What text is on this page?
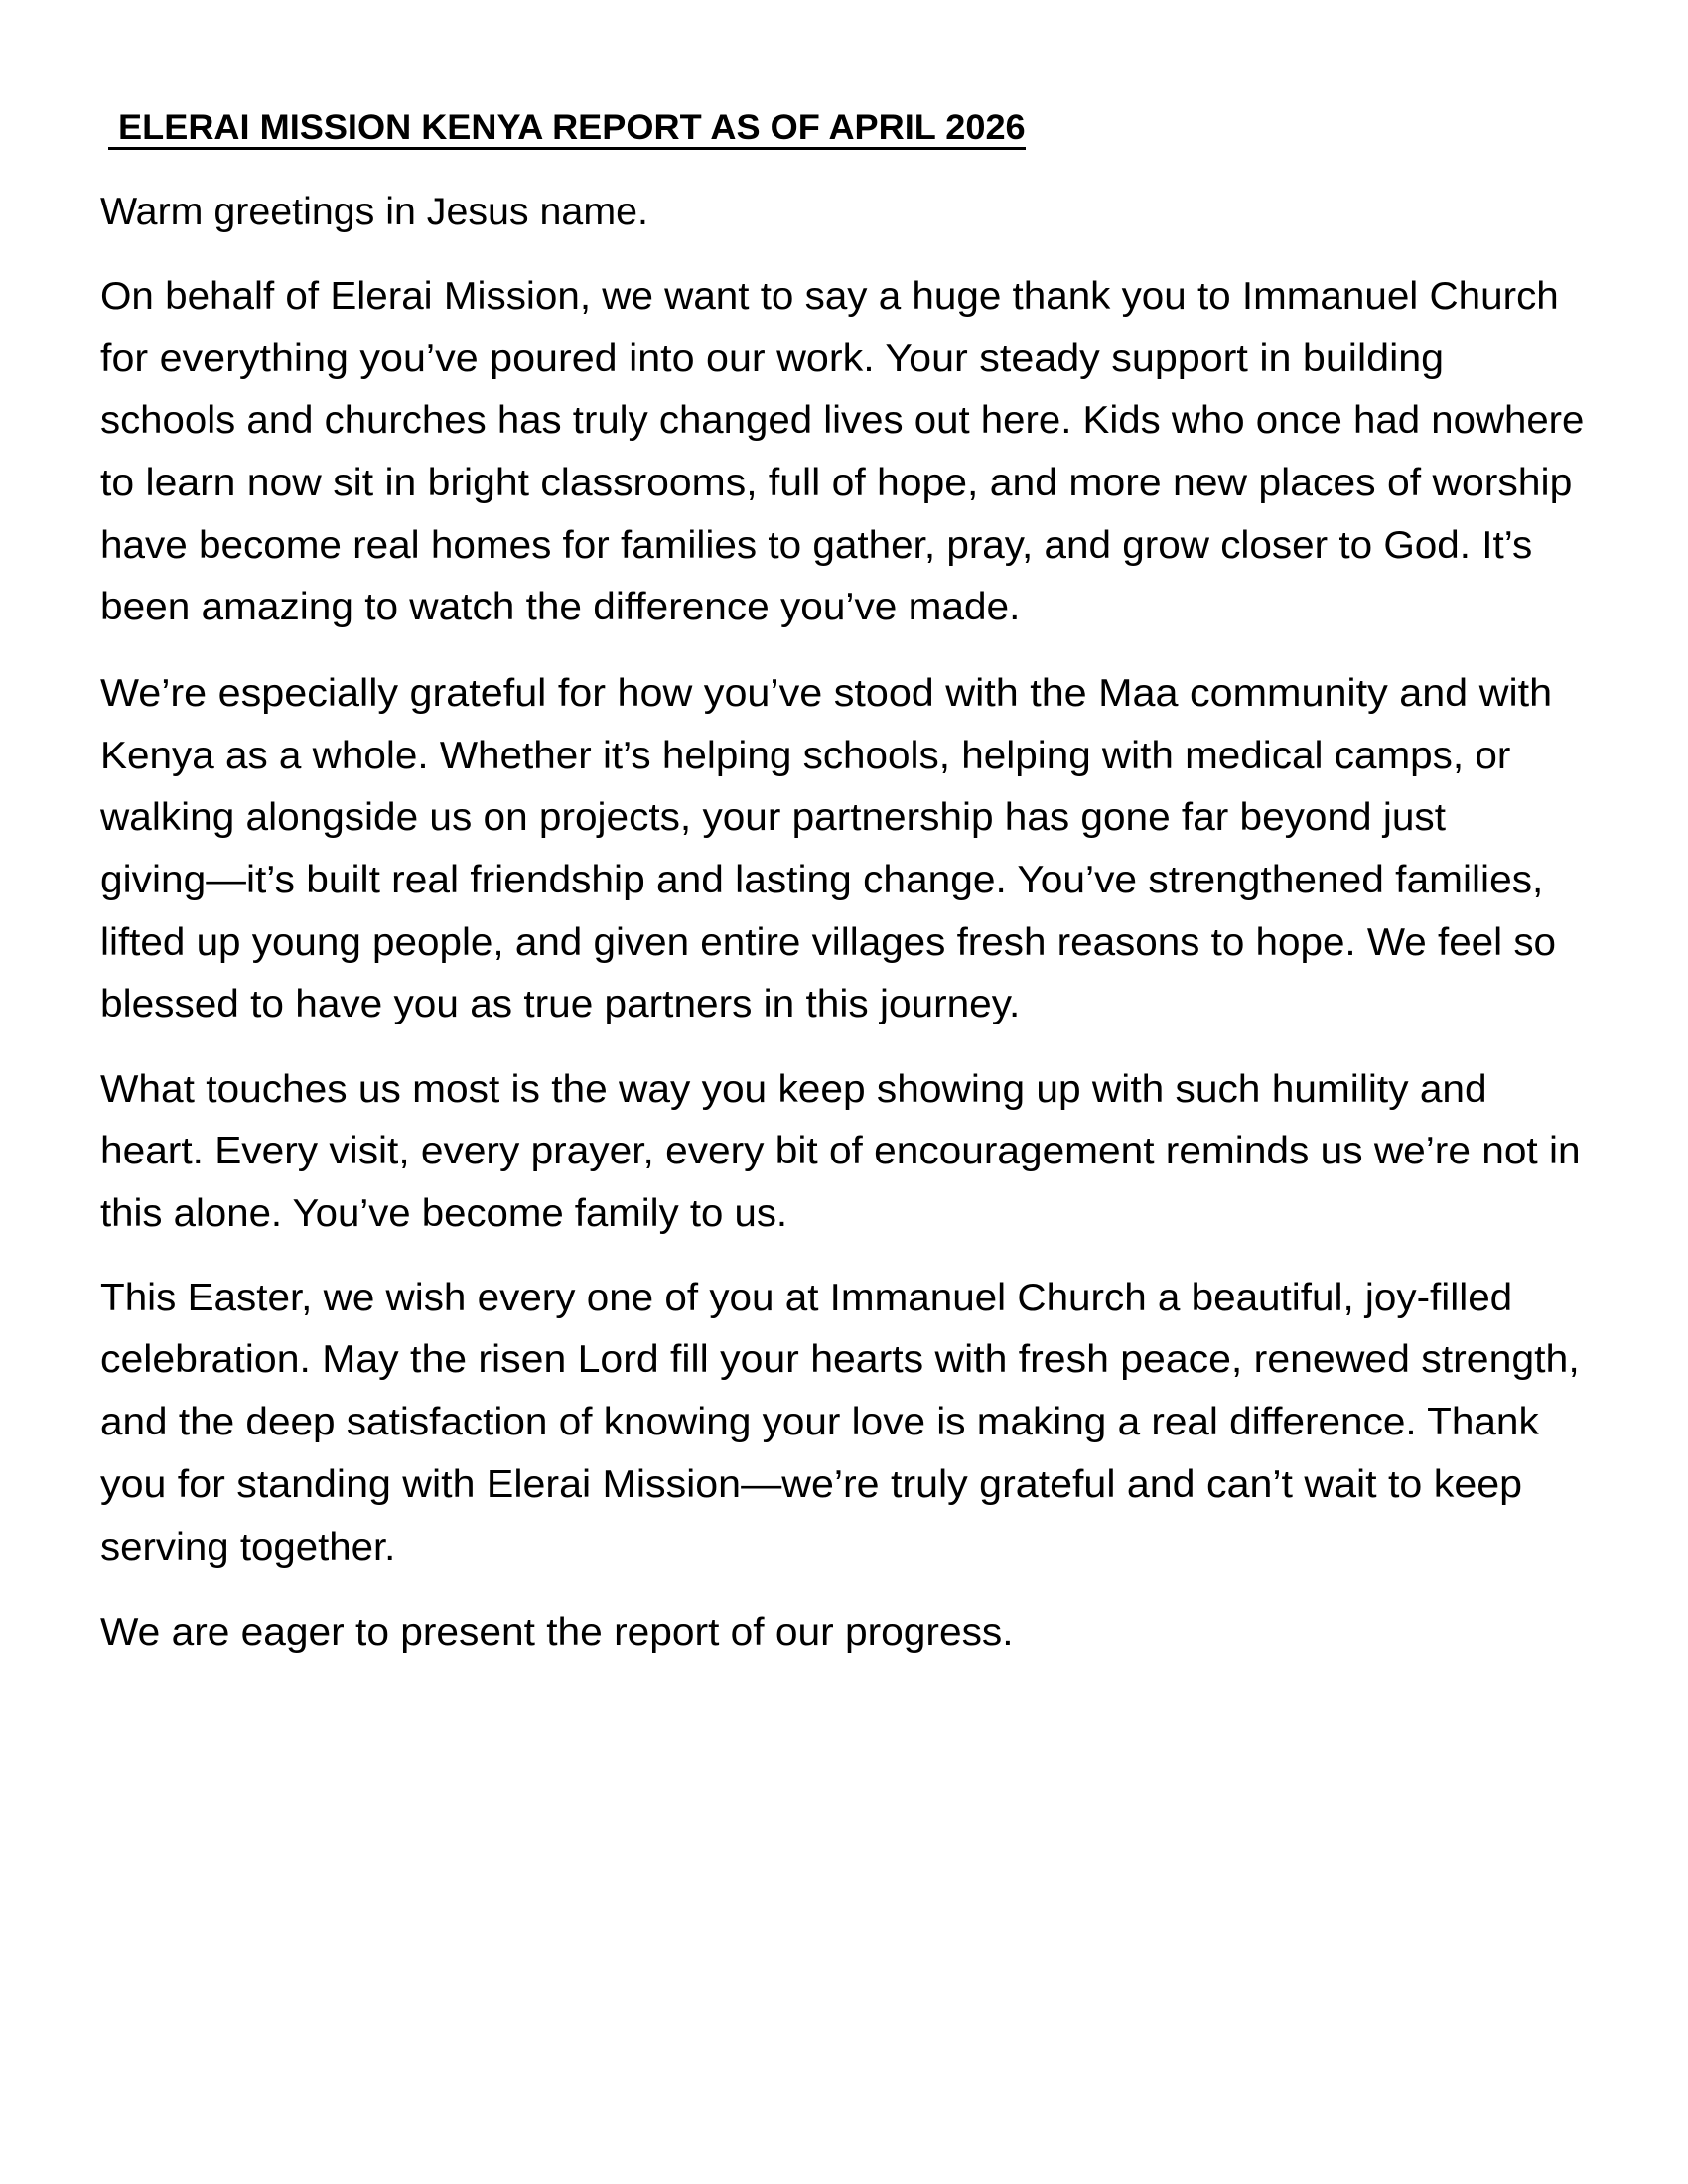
ELERAI MISSION KENYA REPORT AS OF APRIL 2026
Warm greetings in Jesus name.
On behalf of Elerai Mission, we want to say a huge thank you to Immanuel Church
for everything you’ve poured into our work. Your steady support in building
schools and churches has truly changed lives out here. Kids who once had nowhere
to learn now sit in bright classrooms, full of hope, and more new places of worship
have become real homes for families to gather, pray, and grow closer to God. It’s
been amazing to watch the difference you’ve made.
We’re especially grateful for how you’ve stood with the Maa community and with
Kenya as a whole. Whether it’s helping schools, helping with medical camps, or
walking alongside us on projects, your partnership has gone far beyond just
giving—it’s built real friendship and lasting change. You’ve strengthened families,
lifted up young people, and given entire villages fresh reasons to hope. We feel so
blessed to have you as true partners in this journey.
What touches us most is the way you keep showing up with such humility and
heart. Every visit, every prayer, every bit of encouragement reminds us we’re not in
this alone. You’ve become family to us.
This Easter, we wish every one of you at Immanuel Church a beautiful, joy-filled
celebration. May the risen Lord fill your hearts with fresh peace, renewed strength,
and the deep satisfaction of knowing your love is making a real difference. Thank
you for standing with Elerai Mission—we’re truly grateful and can’t wait to keep
serving together.
We are eager to present the report of our progress.
